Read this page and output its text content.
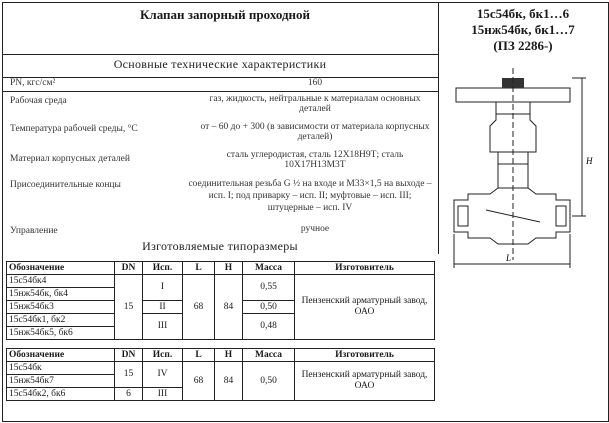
Клапан запорный проходной	15с54бк, бк1…6
15нж54бк, бк1…7
(ПЗ 2286-)
Основные технические характеристики
PN, кгс/см²	160
Рабочая среда	газ, жидкость, нейтральные к материалам основных деталей
Температура рабочей среды, °С	от – 60 до + 300 (в зависимости от материала корпусных деталей)
Материал корпусных деталей	сталь углеродистая, сталь 12Х18Н9Т; сталь 10Х17Н13М3Т
Присоединительные концы	соединительная резьба G ½ на входе и М33×1,5 на выходе – исп. I; под приварку – исп. II; муфтовые – исп. III; штуцерные – исп. IV
Управление	ручное
Изготовляемые типоразмеры
Обозначение	DN	Исп.	L	H	Масса	Изготовитель
15с54бк4	15	I	68	84	0,55	Пензенский арматурный завод, ОАО
15нж54бк, бк4						
15нж54бк3		II			0,50	
15с54бк1, бк2		III			0,48	
15нж54бк5, бк6						
Обозначение	DN	Исп.	L	H	Масса	Изготовитель
15с54бк	15	IV	68	84	0,50	Пензенский арматурный завод, ОАО
15нж54бк7						
15с54бк2, бк6	6	III				
H
L
